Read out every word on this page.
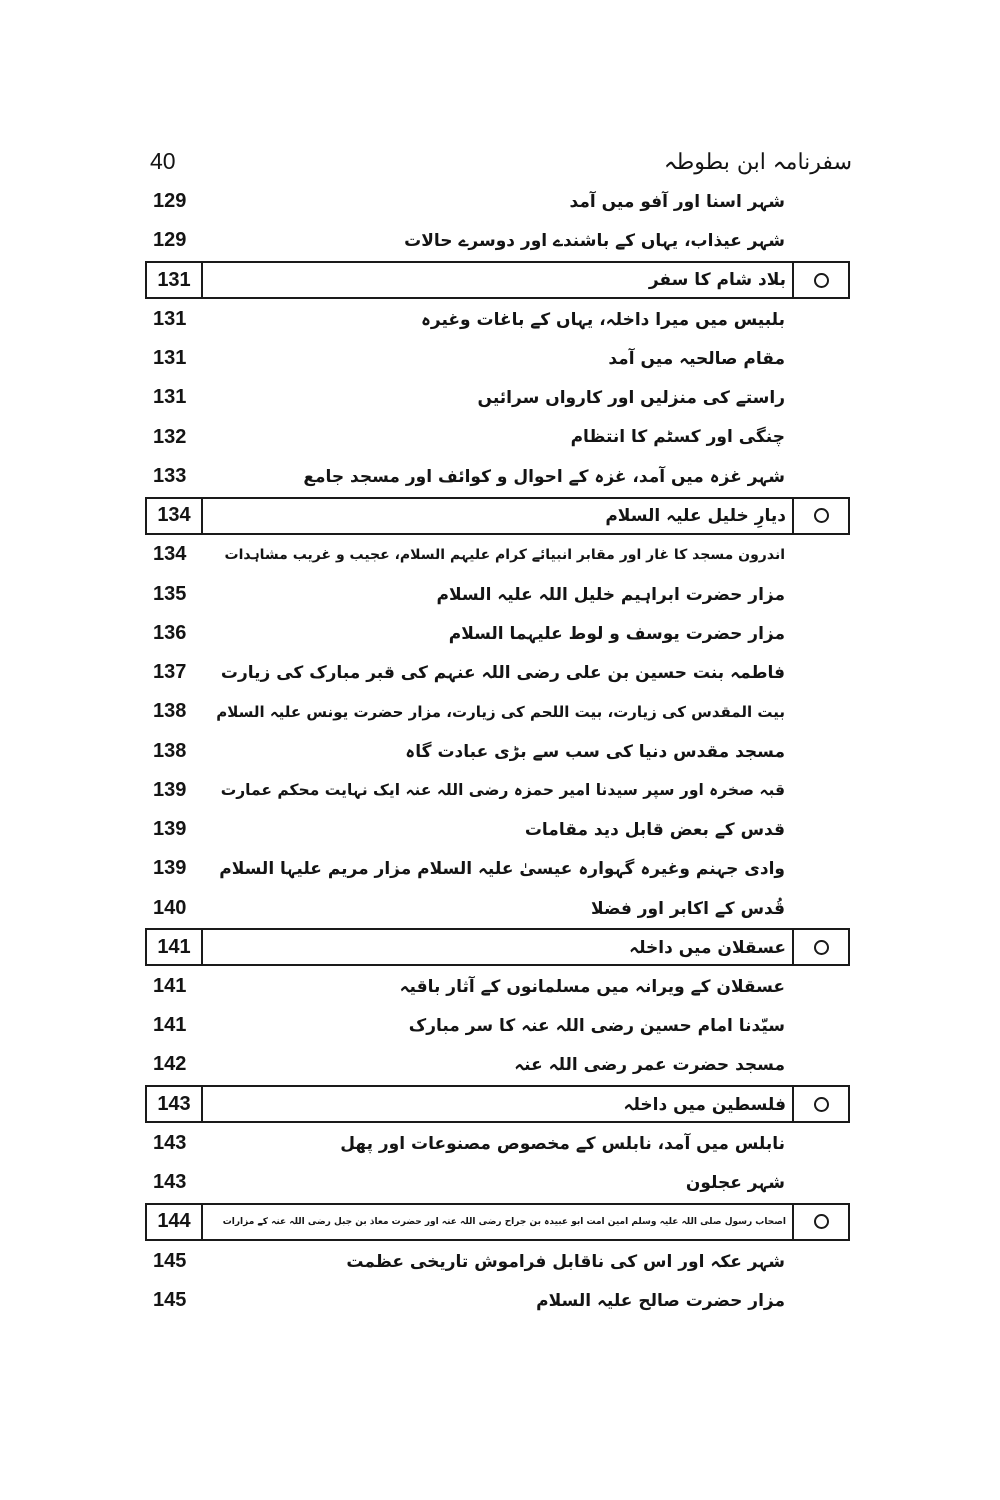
سفرنامہ ابن بطوطہ
40
129	شہر اسنا اور آفو میں آمد
129	شہر عیذاب، یہاں کے باشندے اور دوسرے حالات
131	بلاد شام کا سفر
131	بلبیس میں میرا داخلہ، یہاں کے باغات وغیرہ
131	مقام صالحیہ میں آمد
131	راستے کی منزلیں اور کارواں سرائیں
132	چنگی اور کسٹم کا انتظام
133	شہر غزہ میں آمد، غزہ کے احوال و کوائف اور مسجد جامع
134	دیارِ خلیل علیہ السلام
134	اندرون مسجد کا غار اور مقابر انبیائے کرام علیہم السلام، عجیب و غریب مشاہدات
135	مزار حضرت ابراہیم خلیل اللہ علیہ السلام
136	مزار حضرت یوسف و لوط علیہما السلام
137 فاطمہ بنت حسین بن علی رضی اللہ عنہم کی قبر مبارک کی زیارت
138 بیت المقدس کی زیارت، بیت اللحم کی زیارت، مزار حضرت یونس علیہ السلام
138	مسجد مقدس دنیا کی سب سے بڑی عبادت گاہ
139 قبہ صخرہ اور سپر سیدنا امیر حمزہ رضی اللہ عنہ ایک نہایت محکم عمارت
139	قدس کے بعض قابل دید مقامات
139 وادی جہنم وغیرہ گہوارہ عیسیٰ علیہ السلام مزار مریم علیہا السلام
140	قُدس کے اکابر اور فضلا
141	عسقلان میں داخلہ
141	عسقلان کے ویرانہ میں مسلمانوں کے آثار باقیہ
141	سیّدنا امام حسین رضی اللہ عنہ کا سر مبارک
142	مسجد حضرت عمر رضی اللہ عنہ
143	فلسطین میں داخلہ
143	نابلس میں آمد، نابلس کے مخصوص مصنوعات اور پھل
143	شہر عجلون
144	اصحاب رسول صلی اللہ علیہ وسلم امین امت ابو عبیدہ بن جراح رضی اللہ عنہ اور حضرت معاذ بن جبل رضی اللہ عنہ کے مزارات
145	شہر عکہ اور اس کی ناقابل فراموش تاریخی عظمت
145	مزار حضرت صالح علیہ السلام
